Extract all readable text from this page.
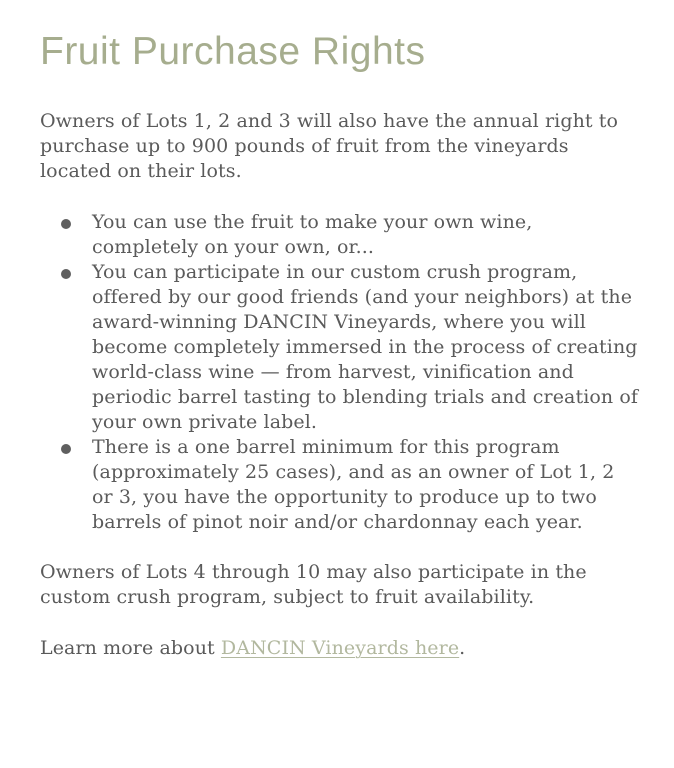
Fruit Purchase Rights

Owners of Lots 1, 2 and 3 will also have the annual right to purchase up to 900 pounds of fruit from the vineyards located on their lots.

You can use the fruit to make your own wine, completely on your own, or...
You can participate in our custom crush program, offered by our good friends (and your neighbors) at the award-winning DANCIN Vineyards, where you will become completely immersed in the process of creating world-class wine — from harvest, vinification and periodic barrel tasting to blending trials and creation of your own private label.
There is a one barrel minimum for this program (approximately 25 cases), and as an owner of Lot 1, 2 or 3, you have the opportunity to produce up to two barrels of pinot noir and/or chardonnay each year.

Owners of Lots 4 through 10 may also participate in the custom crush program, subject to fruit availability.

Learn more about DANCIN Vineyards here.
